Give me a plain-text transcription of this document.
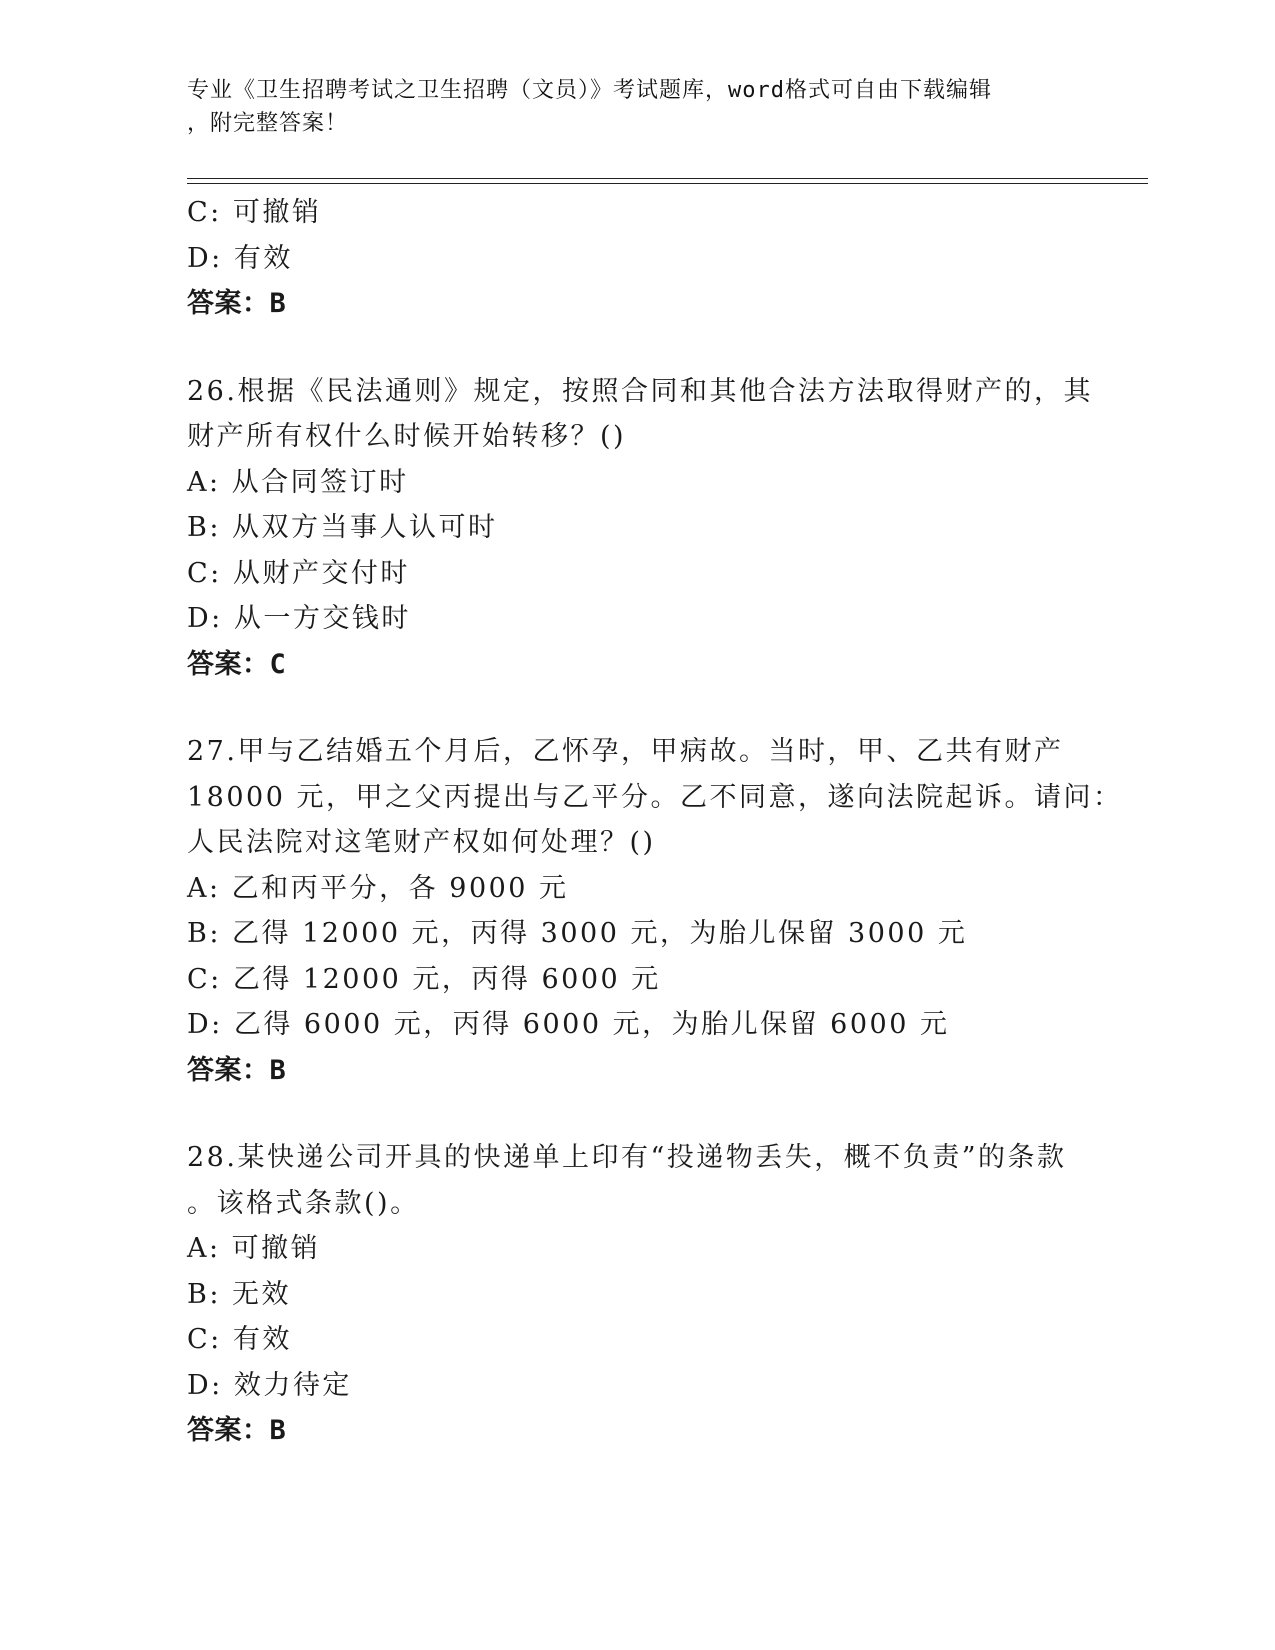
专业《卫生招聘考试之卫生招聘（文员）》考试题库，word格式可自由下载编辑
，附完整答案！
C: 可撤销
D: 有效
答案：B
26.根据《民法通则》规定，按照合同和其他合法方法取得财产的，其
财产所有权什么时候开始转移？()
A: 从合同签订时
B: 从双方当事人认可时
C: 从财产交付时
D: 从一方交钱时
答案：C
27.甲与乙结婚五个月后，乙怀孕，甲病故。当时，甲、乙共有财产
18000 元，甲之父丙提出与乙平分。乙不同意，遂向法院起诉。请问：
人民法院对这笔财产权如何处理？()
A: 乙和丙平分，各 9000 元
B: 乙得 12000 元，丙得 3000 元，为胎儿保留 3000 元
C: 乙得 12000 元，丙得 6000 元
D: 乙得 6000 元，丙得 6000 元，为胎儿保留 6000 元
答案：B
28.某快递公司开具的快递单上印有“投递物丢失，概不负责”的条款
。该格式条款()。
A: 可撤销
B: 无效
C: 有效
D: 效力待定
答案：B
